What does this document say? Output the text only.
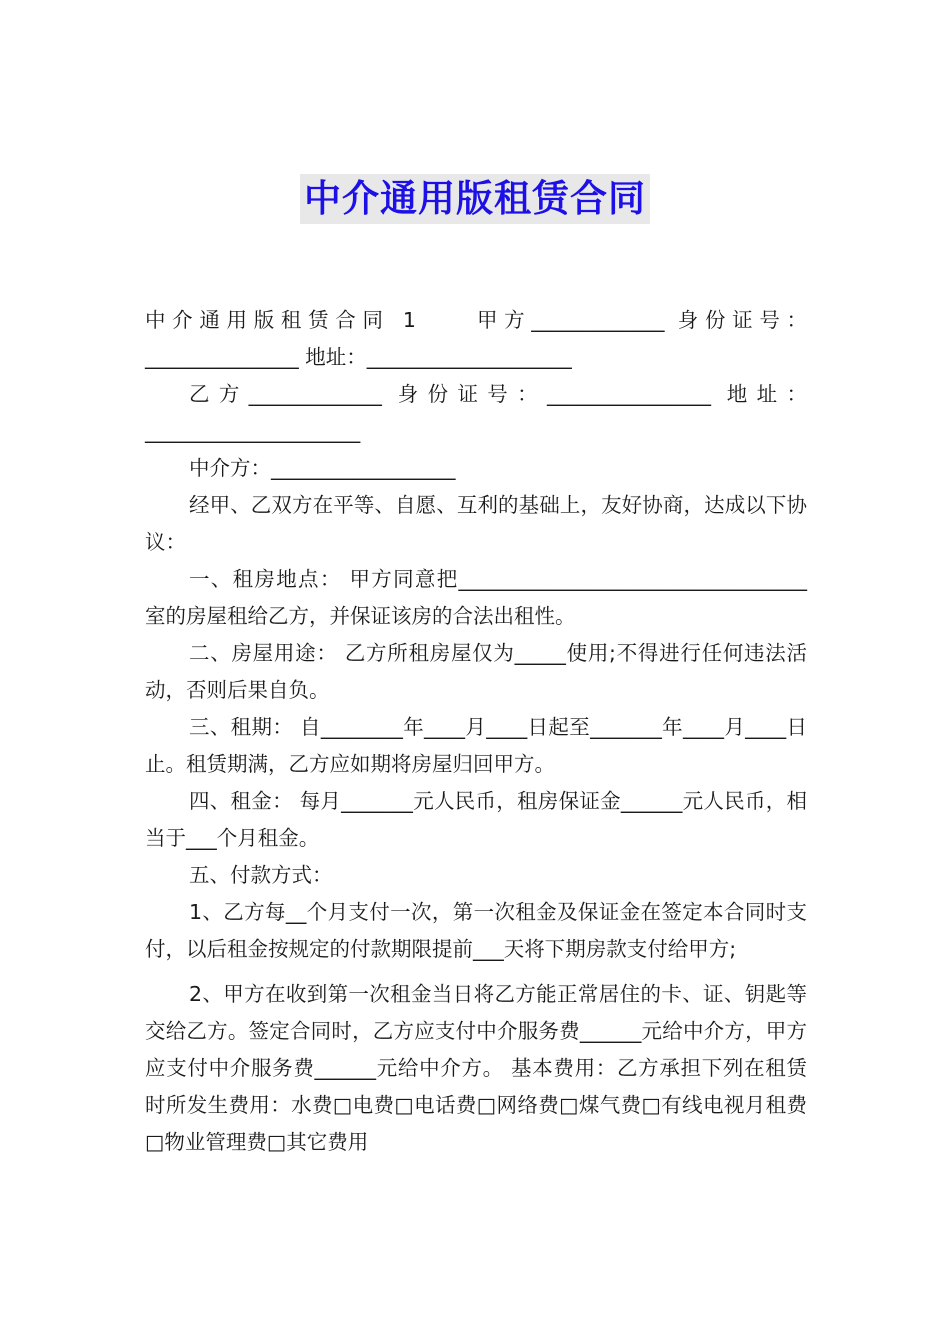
中介通用版租赁合同

中介通用版租赁合同 1　　甲方_____________ 身份证号：_______________ 地址：____________________

乙方_____________ 身份证号：________________ 地址：_____________________

中介方：__________________

经甲、乙双方在平等、自愿、互利的基础上，友好协商，达成以下协议：

一、租房地点： 甲方同意把__________________________________室的房屋租给乙方，并保证该房的合法出租性。

二、房屋用途： 乙方所租房屋仅为_____使用;不得进行任何违法活动，否则后果自负。

三、租期： 自________年____月____日起至_______年____月____日止。租赁期满，乙方应如期将房屋归回甲方。

四、租金： 每月_______元人民币，租房保证金______元人民币，相当于___个月租金。

五、付款方式：

1、乙方每__个月支付一次，第一次租金及保证金在签定本合同时支付，以后租金按规定的付款期限提前___天将下期房款支付给甲方;

2、甲方在收到第一次租金当日将乙方能正常居住的卡、证、钥匙等交给乙方。签定合同时，乙方应支付中介服务费______元给中介方，甲方应支付中介服务费______元给中介方。 基本费用：乙方承担下列在租赁时所发生费用：水费□电费□电话费□网络费□煤气费□有线电视月租费□物业管理费□其它费用
